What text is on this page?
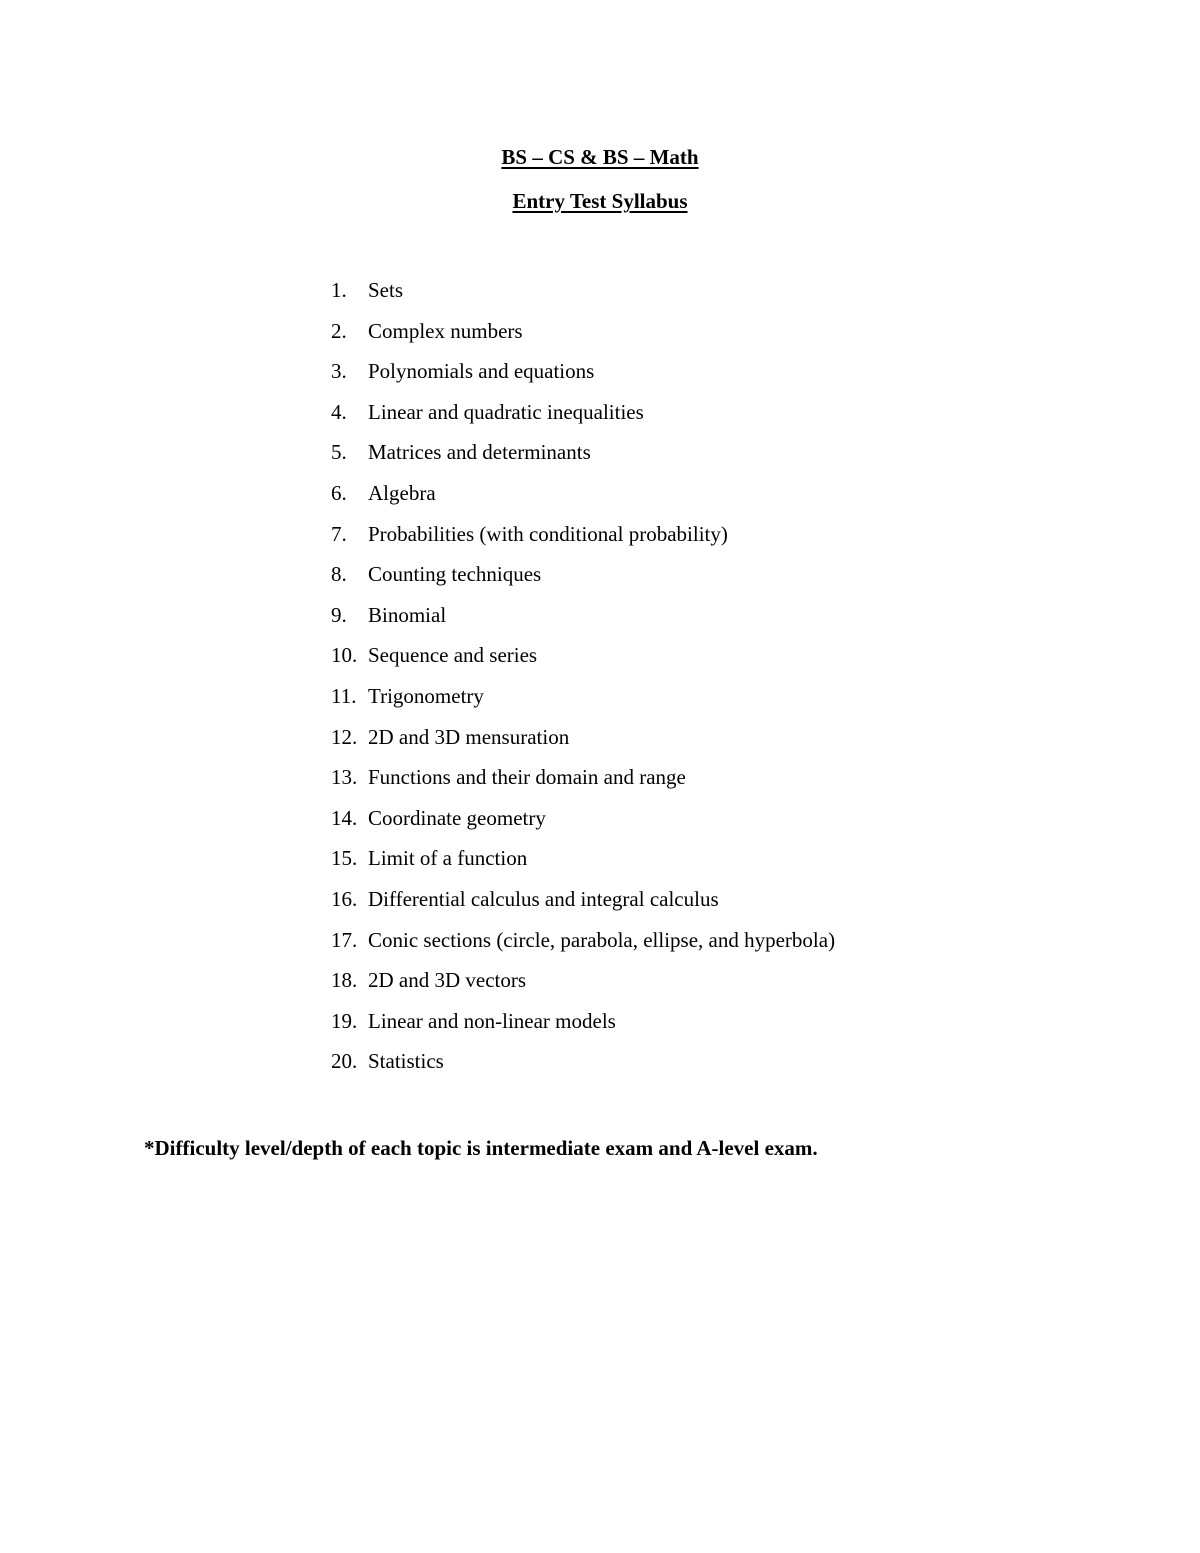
BS – CS & BS – Math
Entry Test Syllabus
1. Sets
2. Complex numbers
3. Polynomials and equations
4. Linear and quadratic inequalities
5. Matrices and determinants
6. Algebra
7. Probabilities (with conditional probability)
8. Counting techniques
9. Binomial
10. Sequence and series
11. Trigonometry
12. 2D and 3D mensuration
13. Functions and their domain and range
14. Coordinate geometry
15. Limit of a function
16. Differential calculus and integral calculus
17. Conic sections (circle, parabola, ellipse, and hyperbola)
18. 2D and 3D vectors
19. Linear and non-linear models
20. Statistics

*Difficulty level/depth of each topic is intermediate exam and A-level exam.
